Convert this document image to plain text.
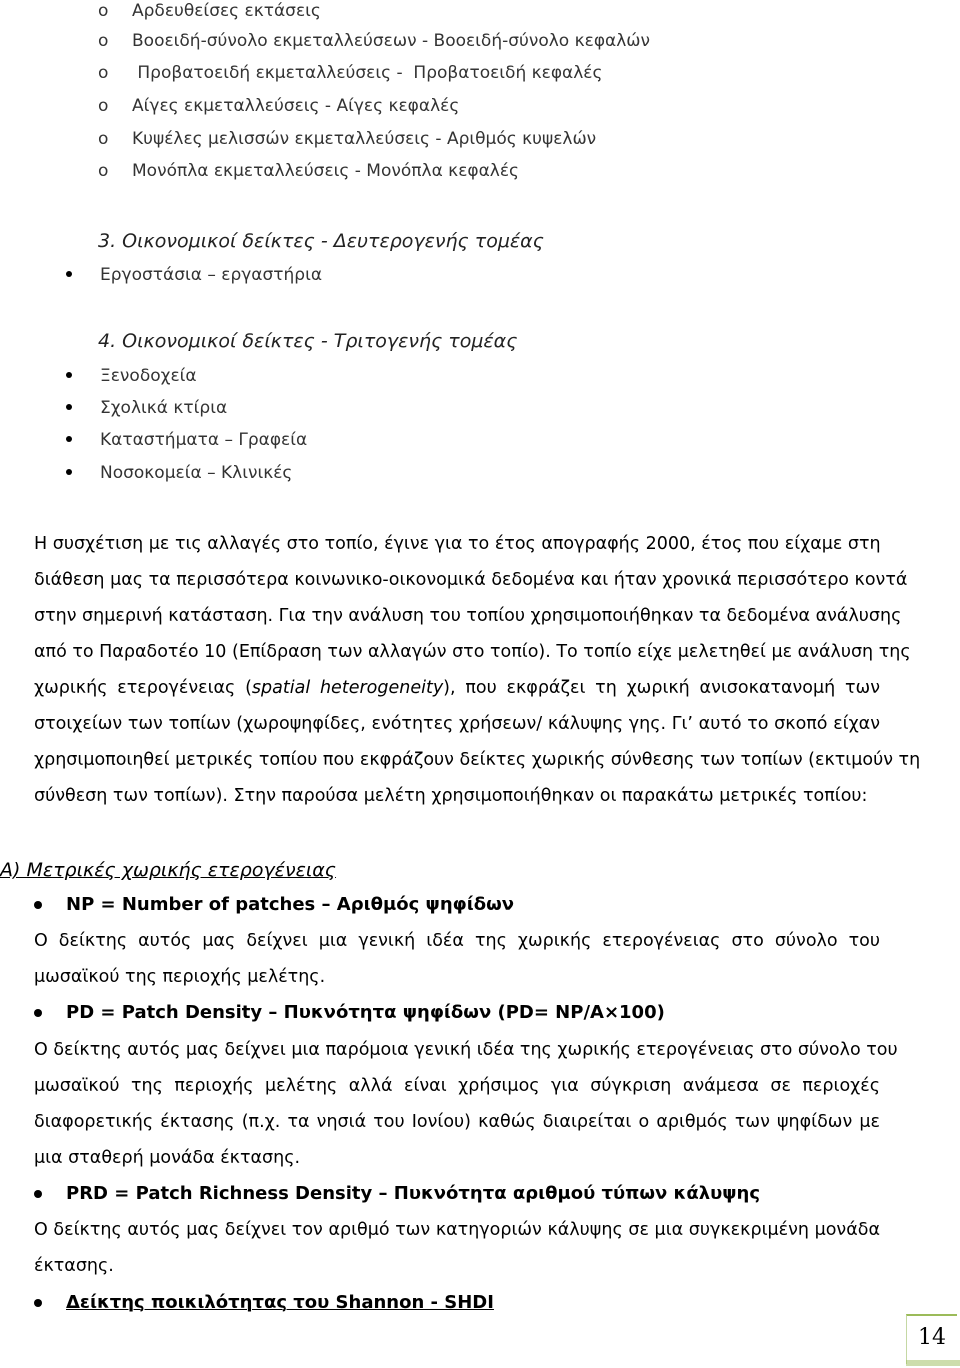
o Αρδευθείσες εκτάσεις
o Βοοειδή-σύνολο εκμεταλλεύσεων - Βοοειδή-σύνολο κεφαλών
o Προβατοειδή εκμεταλλεύσεις -  Προβατοειδή κεφαλές
o Αίγες εκμεταλλεύσεις - Αίγες κεφαλές
o Κυψέλες μελισσών εκμεταλλεύσεις - Αριθμός κυψελών
o Μονόπλα εκμεταλλεύσεις - Μονόπλα κεφαλές
3. Οικονομικοί δείκτες - Δευτερογενής τομέας
Εργοστάσια – εργαστήρια
4. Οικονομικοί δείκτες - Τριτογενής τομέας
Ξενοδοχεία
Σχολικά κτίρια
Καταστήματα – Γραφεία
Νοσοκομεία – Κλινικές
Η συσχέτιση με τις αλλαγές στο τοπίο, έγινε για το έτος απογραφής 2000, έτος που είχαμε στη
διάθεση μας τα περισσότερα κοινωνικο-οικονομικά δεδομένα και ήταν χρονικά περισσότερο κοντά
στην σημερινή κατάσταση. Για την ανάλυση του τοπίου χρησιμοποιήθηκαν τα δεδομένα ανάλυσης
από το Παραδοτέο 10 (Επίδραση των αλλαγών στο τοπίο). Το τοπίο είχε μελετηθεί με ανάλυση της
χωρικής ετερογένειας (spatial heterogeneity), που εκφράζει τη χωρική ανισοκατανομή των
στοιχείων των τοπίων (χωροψηφίδες, ενότητες χρήσεων/ κάλυψης γης. Γι’ αυτό το σκοπό είχαν
χρησιμοποιηθεί μετρικές τοπίου που εκφράζουν δείκτες χωρικής σύνθεσης των τοπίων (εκτιμούν τη
σύνθεση των τοπίων). Στην παρούσα μελέτη χρησιμοποιήθηκαν οι παρακάτω μετρικές τοπίου:
Α) Μετρικές χωρικής ετερογένειας
NP = Number of patches – Αριθμός ψηφίδων
Ο δείκτης αυτός μας δείχνει μια γενική ιδέα της χωρικής ετερογένειας στο σύνολο του
μωσαϊκού της περιοχής μελέτης.
PD = Patch Density – Πυκνότητα ψηφίδων (PD= NP/A×100)
Ο δείκτης αυτός μας δείχνει μια παρόμοια γενική ιδέα της χωρικής ετερογένειας στο σύνολο του
μωσαϊκού της περιοχής μελέτης αλλά είναι χρήσιμος για σύγκριση ανάμεσα σε περιοχές
διαφορετικής έκτασης (π.χ. τα νησιά του Ιονίου) καθώς διαιρείται ο αριθμός των ψηφίδων με
μια σταθερή μονάδα έκτασης.
PRD = Patch Richness Density – Πυκνότητα αριθμού τύπων κάλυψης
Ο δείκτης αυτός μας δείχνει τον αριθμό των κατηγοριών κάλυψης σε μια συγκεκριμένη μονάδα
έκτασης.
Δείκτης ποικιλότητας του Shannon - SHDI
14
